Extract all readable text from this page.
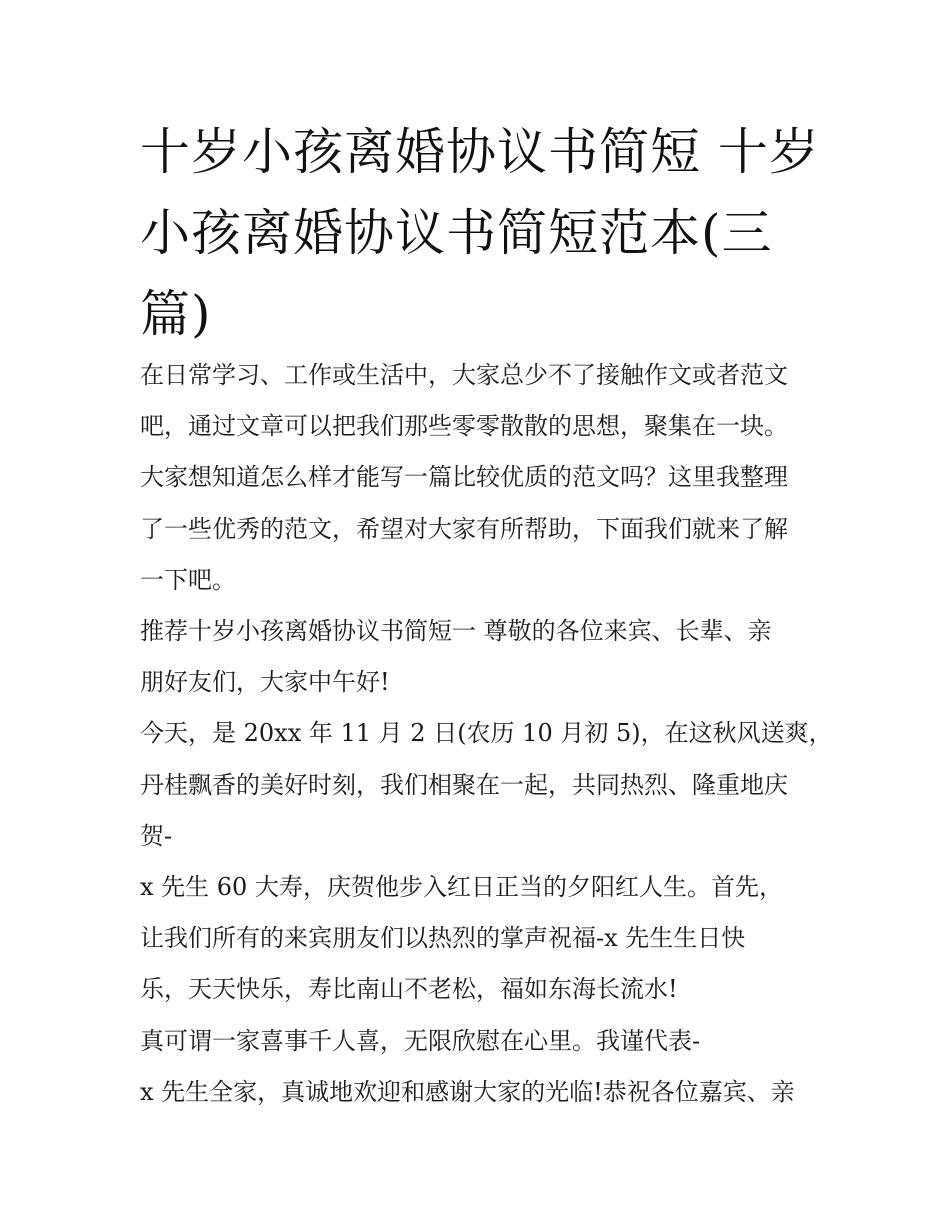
十岁小孩离婚协议书简短 十岁
小孩离婚协议书简短范本(三
篇)
在日常学习、工作或生活中，大家总少不了接触作文或者范文
吧，通过文章可以把我们那些零零散散的思想，聚集在一块。
大家想知道怎么样才能写一篇比较优质的范文吗？这里我整理
了一些优秀的范文，希望对大家有所帮助，下面我们就来了解
一下吧。
推荐十岁小孩离婚协议书简短一 尊敬的各位来宾、长辈、亲
朋好友们，大家中午好!
今天，是 20xx 年 11 月 2 日(农历 10 月初 5)，在这秋风送爽，
丹桂飘香的美好时刻，我们相聚在一起，共同热烈、隆重地庆
贺-
x 先生 60 大寿，庆贺他步入红日正当的夕阳红人生。首先，
让我们所有的来宾朋友们以热烈的掌声祝福-x 先生生日快
乐，天天快乐，寿比南山不老松，福如东海长流水!
真可谓一家喜事千人喜，无限欣慰在心里。我谨代表-
x 先生全家，真诚地欢迎和感谢大家的光临!恭祝各位嘉宾、亲
